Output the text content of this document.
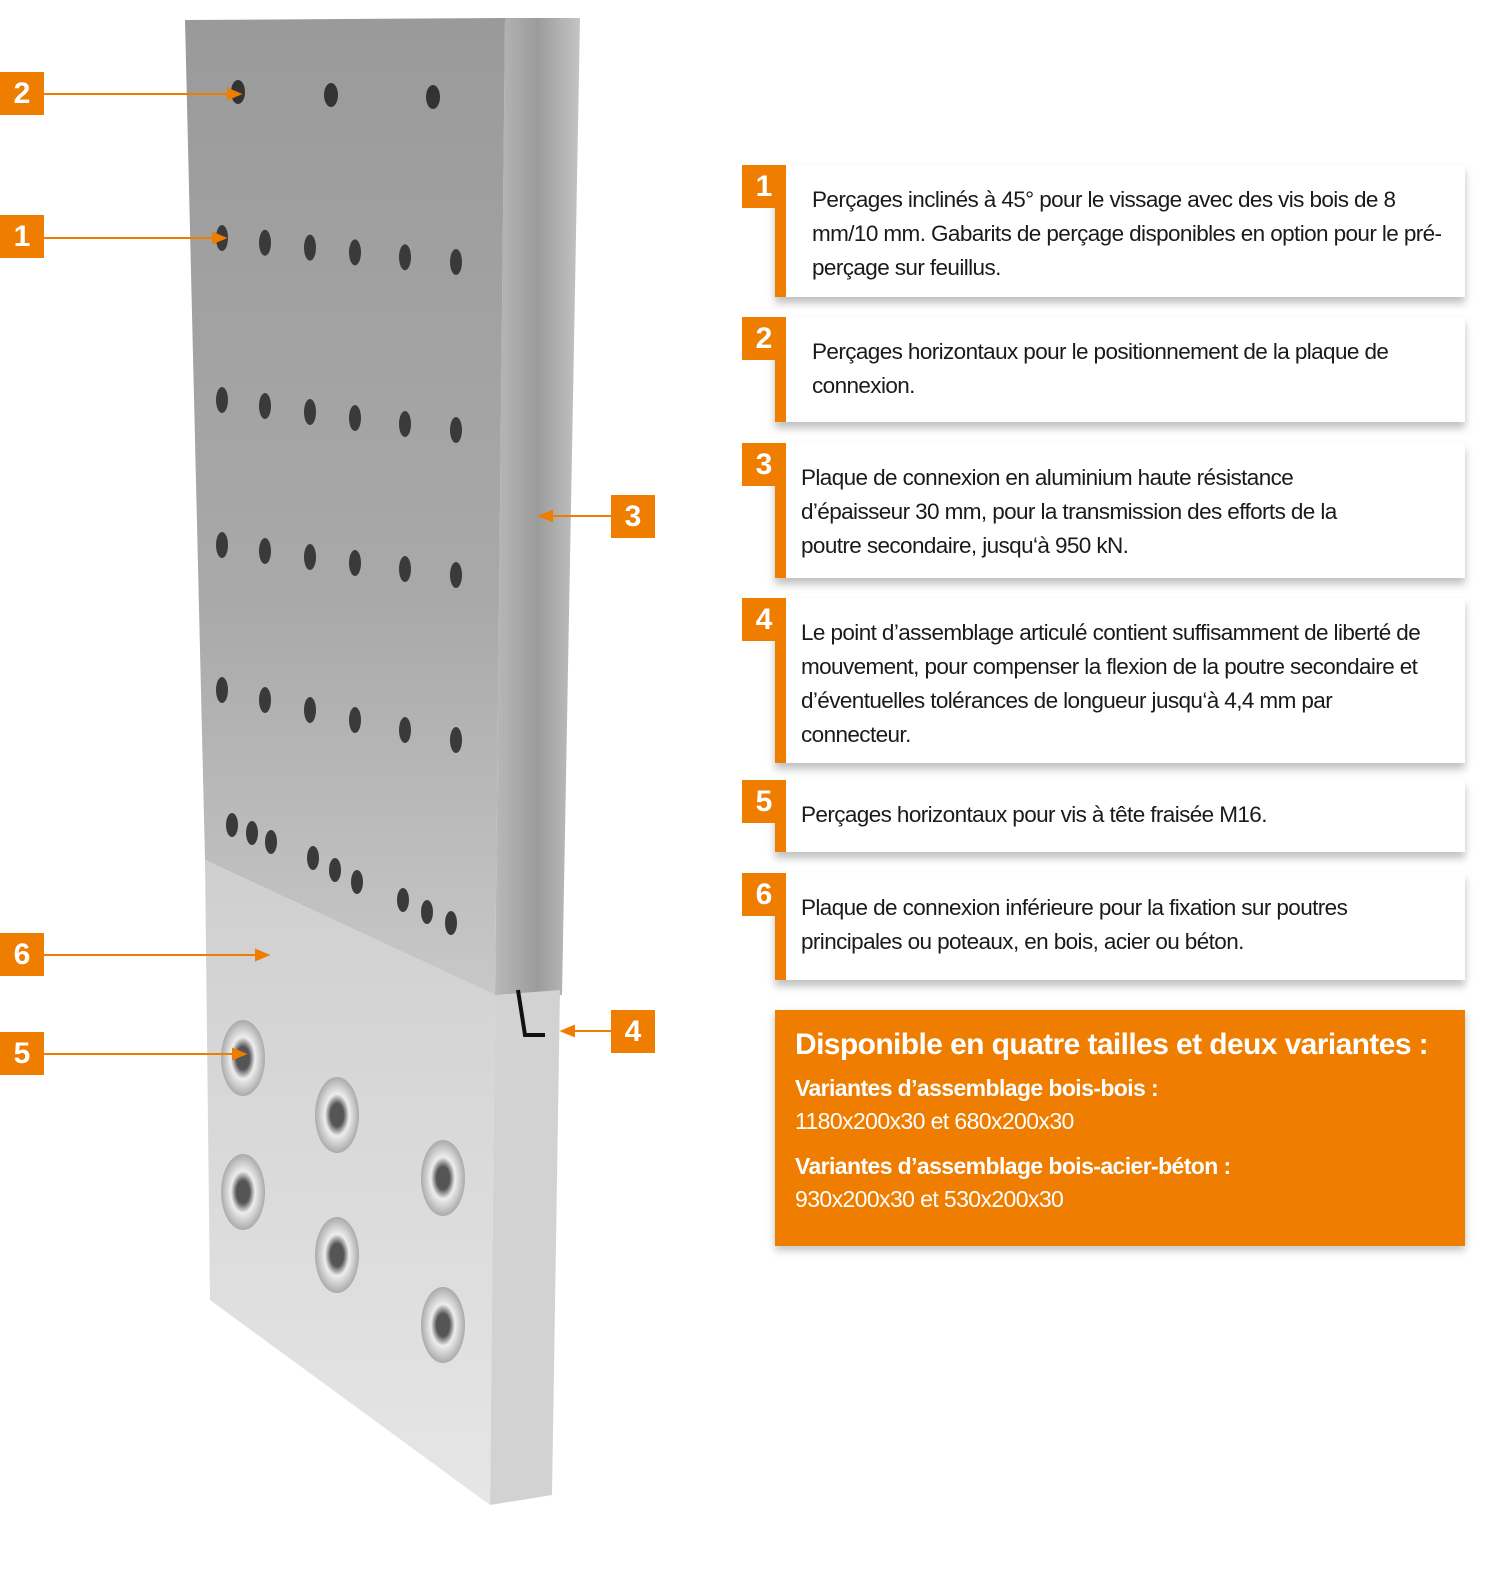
2
1
3
6
4
5
1	Perçages inclinés à 45° pour le vissage avec des vis bois de 8 mm/10 mm. Gabarits de perçage disponibles en option pour le pré-perçage sur feuillus.
2	Perçages horizontaux pour le positionnement de la plaque de connexion.
3	Plaque de connexion en aluminium haute résistance d’épaisseur 30 mm, pour la transmission des efforts de la poutre secondaire, jusqu‘à 950 kN.
4	Le point d’assemblage articulé contient suffisamment de liberté de mouvement, pour compenser la flexion de la poutre secondaire et d’éventuelles tolérances de longueur jusqu‘à 4,4 mm par connecteur.
5	Perçages horizontaux pour vis à tête fraisée M16.
6	Plaque de connexion inférieure pour la fixation sur poutres principales ou poteaux, en bois, acier ou béton.
Disponible en quatre tailles et deux variantes :
Variantes d’assemblage bois-bois :
1180x200x30 et 680x200x30
Variantes d’assemblage bois-acier-béton :
930x200x30 et 530x200x30
